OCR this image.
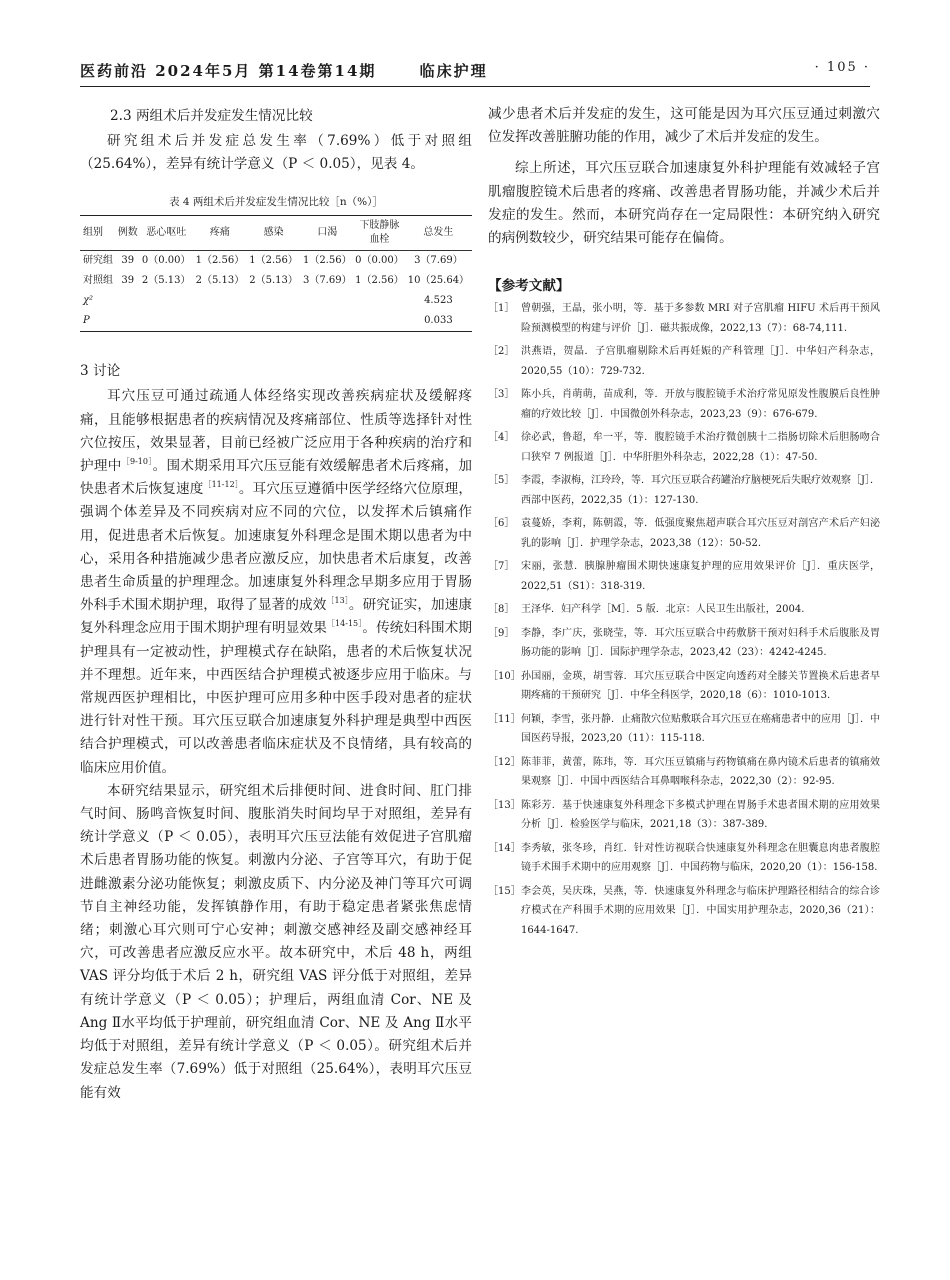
医药前沿 2024年5月 第14卷第14期	临床护理	· 105 ·

2.3 两组术后并发症发生情况比较

研究组术后并发症总发生率（7.69%）低于对照组（25.64%），差异有统计学意义（P ＜ 0.05），见表 4。

表 4 两组术后并发症发生情况比较［n（%）］

组别	例数	恶心呕吐	疼痛	感染	口渴	下肢静脉血栓	总发生
研究组	39	0（0.00）	1（2.56）	1（2.56）	1（2.56）	0（0.00）	3（7.69）
对照组	39	2（5.13）	2（5.13）	2（5.13）	3（7.69）	1（2.56）	10（25.64）
χ²							4.523
P							0.033

3 讨论

耳穴压豆可通过疏通人体经络实现改善疾病症状及缓解疼痛，且能够根据患者的疾病情况及疼痛部位、性质等选择针对性穴位按压，效果显著，目前已经被广泛应用于各种疾病的治疗和护理中$^{[9-10]}$。围术期采用耳穴压豆能有效缓解患者术后疼痛，加快患者术后恢复速度$^{[11-12]}$。耳穴压豆遵循中医学经络穴位原理，强调个体差异及不同疾病对应不同的穴位，以发挥术后镇痛作用，促进患者术后恢复。加速康复外科理念是围术期以患者为中心，采用各种措施减少患者应激反应，加快患者术后康复，改善患者生命质量的护理理念。加速康复外科理念早期多应用于胃肠外科手术围术期护理，取得了显著的成效$^{[13]}$。研究证实，加速康复外科理念应用于围术期护理有明显效果$^{[14-15]}$。传统妇科围术期护理具有一定被动性，护理模式存在缺陷，患者的术后恢复状况并不理想。近年来，中西医结合护理模式被逐步应用于临床。与常规西医护理相比，中医护理可应用多种中医手段对患者的症状进行针对性干预。耳穴压豆联合加速康复外科护理是典型中西医结合护理模式，可以改善患者临床症状及不良情绪，具有较高的临床应用价值。

本研究结果显示，研究组术后排便时间、进食时间、肛门排气时间、肠鸣音恢复时间、腹胀消失时间均早于对照组，差异有统计学意义（P ＜ 0.05），表明耳穴压豆法能有效促进子宫肌瘤术后患者胃肠功能的恢复。刺激内分泌、子宫等耳穴，有助于促进雌激素分泌功能恢复；刺激皮质下、内分泌及神门等耳穴可调节自主神经功能，发挥镇静作用，有助于稳定患者紧张焦虑情绪；刺激心耳穴则可宁心安神；刺激交感神经及副交感神经耳穴，可改善患者应激反应水平。故本研究中，术后 48 h，两组 VAS 评分均低于术后 2 h，研究组 VAS 评分低于对照组，差异有统计学意义（P ＜ 0.05）；护理后，两组血清 Cor、NE 及 Ang Ⅱ水平均低于护理前，研究组血清 Cor、NE 及 Ang Ⅱ水平均低于对照组，差异有统计学意义（P ＜ 0.05）。研究组术后并发症总发生率（7.69%）低于对照组（25.64%），表明耳穴压豆能有效

减少患者术后并发症的发生，这可能是因为耳穴压豆通过刺激穴位发挥改善脏腑功能的作用，减少了术后并发症的发生。

综上所述，耳穴压豆联合加速康复外科护理能有效减轻子宫肌瘤腹腔镜术后患者的疼痛、改善患者胃肠功能，并减少术后并发症的发生。然而，本研究尚存在一定局限性：本研究纳入研究的病例数较少，研究结果可能存在偏倚。

【参考文献】

［1］ 曾朝强，王晶，张小明，等．基于多参数 MRI 对子宫肌瘤 HIFU 术后再干预风险预测模型的构建与评价［J］．磁共振成像，2022,13（7）：68-74,111.
［2］ 洪燕语，贺晶．子宫肌瘤剔除术后再妊娠的产科管理［J］．中华妇产科杂志，2020,55（10）：729-732.
［3］ 陈小兵，肖萌萌，苗成利，等．开放与腹腔镜手术治疗常见原发性腹膜后良性肿瘤的疗效比较［J］．中国微创外科杂志，2023,23（9）：676-679.
［4］ 徐必武，鲁超，牟一平，等．腹腔镜手术治疗微创胰十二指肠切除术后胆肠吻合口狭窄 7 例报道［J］．中华肝胆外科杂志，2022,28（1）：47-50.
［5］ 李霞，李淑梅，江玲玲，等．耳穴压豆联合药罐治疗脑梗死后失眠疗效观察［J］．西部中医药，2022,35（1）：127-130.
［6］ 袁蔓娇，李莉，陈朝霞，等．低强度聚焦超声联合耳穴压豆对剖宫产术后产妇泌乳的影响［J］．护理学杂志，2023,38（12）：50-52.
［7］ 宋丽，张慧．胰腺肿瘤围术期快速康复护理的应用效果评价［J］．重庆医学，2022,51（S1）：318-319.
［8］ 王泽华．妇产科学［M］．5 版．北京：人民卫生出版社，2004.
［9］ 李静，李广庆，张晓莹，等．耳穴压豆联合中药敷脐干预对妇科手术后腹胀及胃肠功能的影响［J］．国际护理学杂志，2023,42（23）：4242-4245.
［10］ 孙国丽，金瑛，胡雪蓉．耳穴压豆联合中医定向透药对全膝关节置换术后患者早期疼痛的干预研究［J］．中华全科医学，2020,18（6）：1010-1013.
［11］ 何颖，李雪，张丹静．止痛散穴位贴敷联合耳穴压豆在癌痛患者中的应用［J］．中国医药导报，2023,20（11）：115-118.
［12］ 陈菲菲，黄蕾，陈玮，等．耳穴压豆镇痛与药物镇痛在鼻内镜术后患者的镇痛效果观察［J］．中国中西医结合耳鼻咽喉科杂志，2022,30（2）：92-95.
［13］ 陈彩芳．基于快速康复外科理念下多模式护理在胃肠手术患者围术期的应用效果分析［J］．检验医学与临床，2021,18（3）：387-389.
［14］ 李秀敏，张冬珍，肖红．针对性访视联合快速康复外科理念在胆囊息肉患者腹腔镜手术围手术期中的应用观察［J］．中国药物与临床，2020,20（1）：156-158.
［15］ 李会英，吴庆珠，吴燕，等．快速康复外科理念与临床护理路径相结合的综合诊疗模式在产科围手术期的应用效果［J］．中国实用护理杂志，2020,36（21）：1644-1647.
